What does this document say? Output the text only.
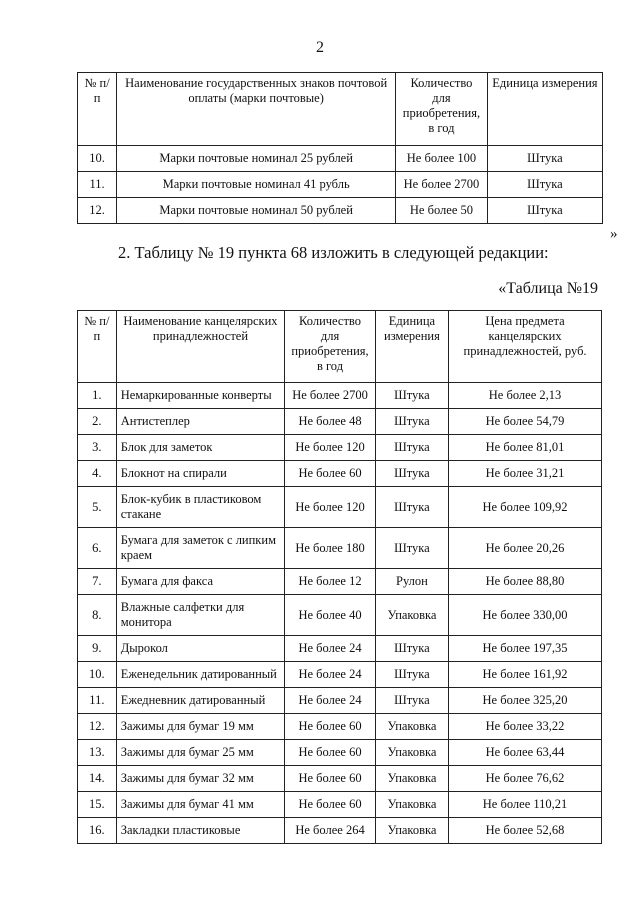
2
№ п/п	Наименование государственных знаков почтовой оплаты (марки почтовые)	Количество для приобретения, в год	Единица измерения
10.	Марки почтовые номинал 25 рублей	Не более 100	Штука
11.	Марки почтовые номинал 41 рубль	Не более 2700	Штука
12.	Марки почтовые номинал 50 рублей	Не более 50	Штука
»
2. Таблицу № 19 пункта 68 изложить в следующей редакции:
«Таблица №19
№ п/п	Наименование канцелярских принадлежностей	Количество для приобретения, в год	Единица измерения	Цена предмета канцелярских принадлежностей, руб.
1.	Немаркированные конверты	Не более 2700	Штука	Не более 2,13
2.	Антистеплер	Не более 48	Штука	Не более 54,79
3.	Блок для заметок	Не более 120	Штука	Не более 81,01
4.	Блокнот на спирали	Не более 60	Штука	Не более 31,21
5.	Блок-кубик в пластиковом стакане	Не более 120	Штука	Не более 109,92
6.	Бумага для заметок с липким краем	Не более 180	Штука	Не более 20,26
7.	Бумага для факса	Не более 12	Рулон	Не более 88,80
8.	Влажные салфетки для монитора	Не более 40	Упаковка	Не более 330,00
9.	Дырокол	Не более 24	Штука	Не более 197,35
10.	Еженедельник датированный	Не более 24	Штука	Не более 161,92
11.	Ежедневник датированный	Не более 24	Штука	Не более 325,20
12.	Зажимы для бумаг 19 мм	Не более 60	Упаковка	Не более 33,22
13.	Зажимы для бумаг 25 мм	Не более 60	Упаковка	Не более 63,44
14.	Зажимы для бумаг 32 мм	Не более 60	Упаковка	Не более 76,62
15.	Зажимы для бумаг 41 мм	Не более 60	Упаковка	Не более 110,21
16.	Закладки пластиковые	Не более 264	Упаковка	Не более 52,68
